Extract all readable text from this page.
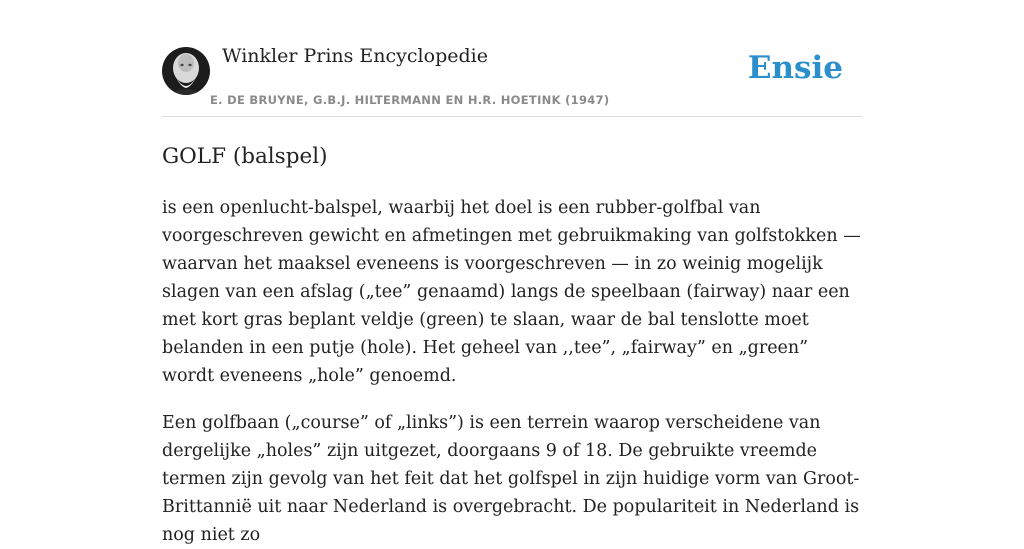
Winkler Prins Encyclopedie
E. DE BRUYNE, G.B.J. HILTERMANN EN H.R. HOETINK (1947)
Ensie
GOLF (balspel)

is een openlucht-balspel, waarbij het doel is een rubber-golfbal van voorgeschreven gewicht en afmetingen met gebruikmaking van golfstokken — waarvan het maaksel eveneens is voorgeschreven — in zo weinig mogelijk slagen van een afslag („tee” genaamd) langs de speelbaan (fairway) naar een met kort gras beplant veldje (green) te slaan, waar de bal tenslotte moet belanden in een putje (hole). Het geheel van ,,tee”, „fairway” en „green” wordt eveneens „hole” genoemd.

Een golfbaan („course” of „links”) is een terrein waarop verscheidene van dergelijke „holes” zijn uitgezet, doorgaans 9 of 18. De gebruikte vreemde termen zijn gevolg van het feit dat het golfspel in zijn huidige vorm van Groot-Brittannië uit naar Nederland is overgebracht. De populariteit in Nederland is nog niet zo
